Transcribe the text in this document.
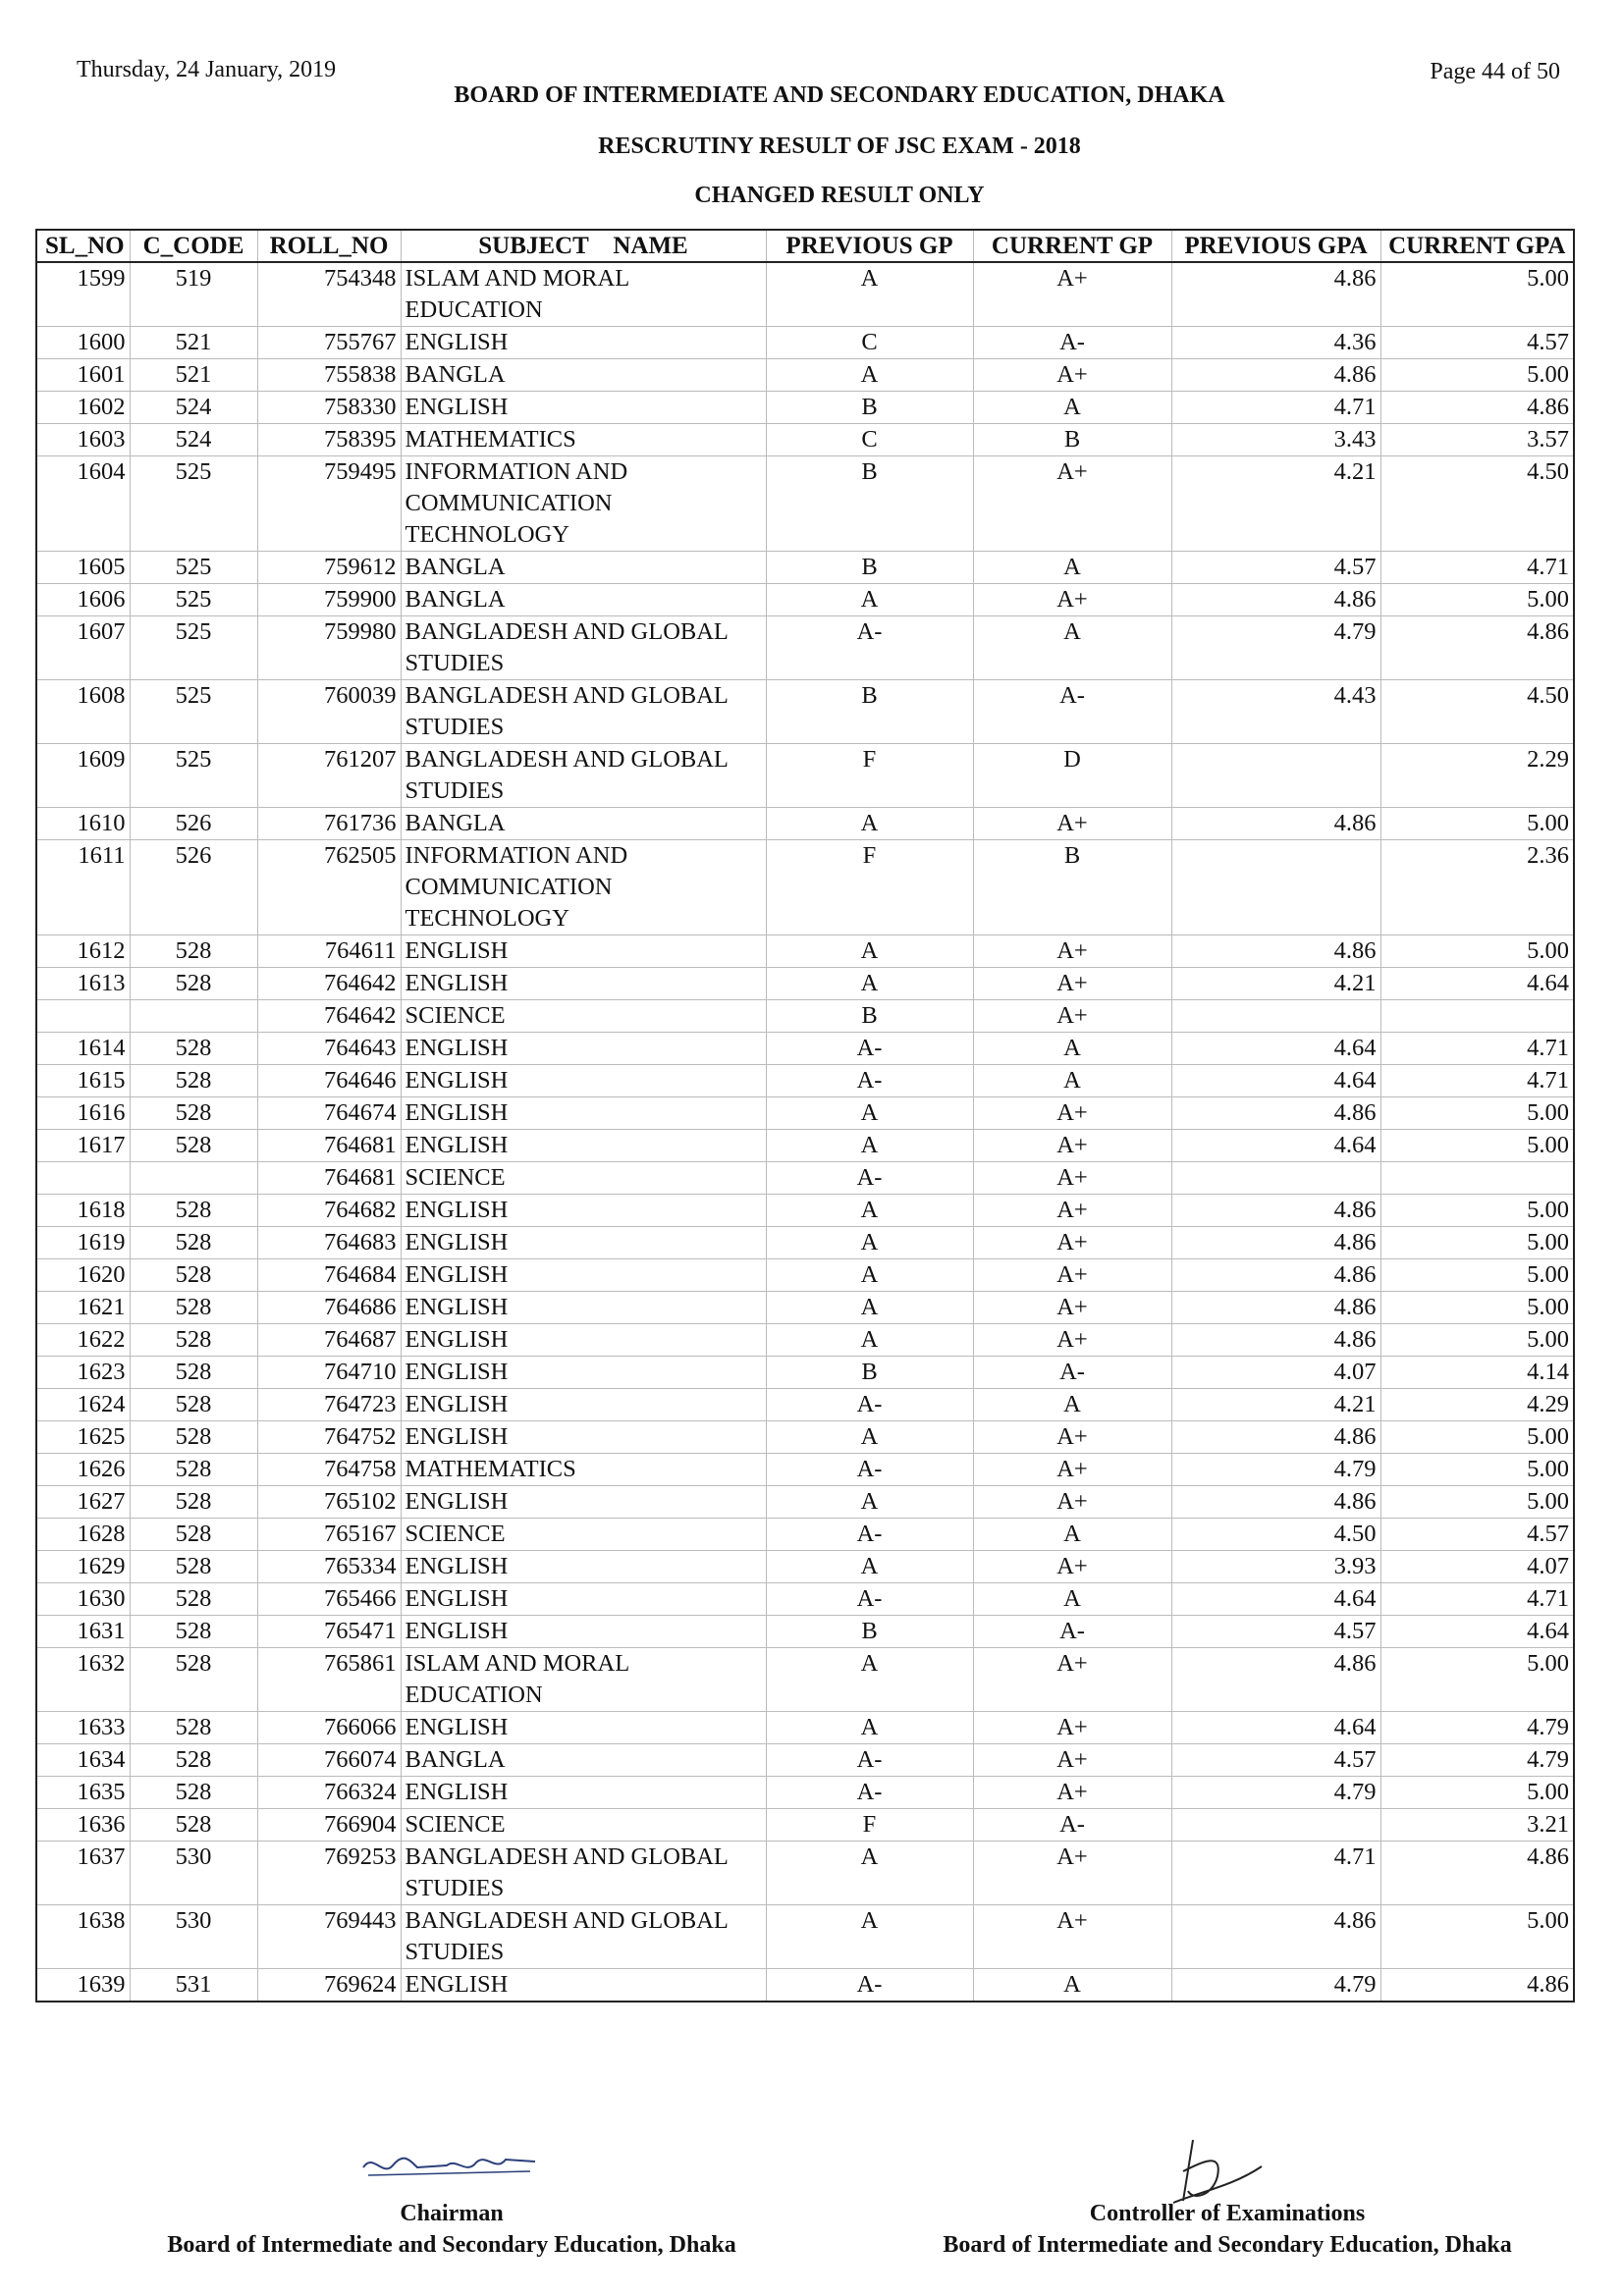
Thursday, 24 January, 2019	Page 44 of 50
BOARD OF INTERMEDIATE AND SECONDARY EDUCATION, DHAKA
RESCRUTINY RESULT OF JSC EXAM - 2018
CHANGED RESULT ONLY
SL_NO	C_CODE	ROLL_NO	SUBJECT    NAME	PREVIOUS GP	CURRENT GP	PREVIOUS GPA	CURRENT GPA
1599	519	754348	ISLAM AND MORAL EDUCATION	A	A+	4.86	5.00
1600	521	755767	ENGLISH	C	A-	4.36	4.57
1601	521	755838	BANGLA	A	A+	4.86	5.00
1602	524	758330	ENGLISH	B	A	4.71	4.86
1603	524	758395	MATHEMATICS	C	B	3.43	3.57
1604	525	759495	INFORMATION AND COMMUNICATION TECHNOLOGY	B	A+	4.21	4.50
1605	525	759612	BANGLA	B	A	4.57	4.71
1606	525	759900	BANGLA	A	A+	4.86	5.00
1607	525	759980	BANGLADESH AND GLOBAL STUDIES	A-	A	4.79	4.86
1608	525	760039	BANGLADESH AND GLOBAL STUDIES	B	A-	4.43	4.50
1609	525	761207	BANGLADESH AND GLOBAL STUDIES	F	D		2.29
1610	526	761736	BANGLA	A	A+	4.86	5.00
1611	526	762505	INFORMATION AND COMMUNICATION TECHNOLOGY	F	B		2.36
1612	528	764611	ENGLISH	A	A+	4.86	5.00
1613	528	764642	ENGLISH	A	A+	4.21	4.64
		764642	SCIENCE	B	A+		
1614	528	764643	ENGLISH	A-	A	4.64	4.71
1615	528	764646	ENGLISH	A-	A	4.64	4.71
1616	528	764674	ENGLISH	A	A+	4.86	5.00
1617	528	764681	ENGLISH	A	A+	4.64	5.00
		764681	SCIENCE	A-	A+		
1618	528	764682	ENGLISH	A	A+	4.86	5.00
1619	528	764683	ENGLISH	A	A+	4.86	5.00
1620	528	764684	ENGLISH	A	A+	4.86	5.00
1621	528	764686	ENGLISH	A	A+	4.86	5.00
1622	528	764687	ENGLISH	A	A+	4.86	5.00
1623	528	764710	ENGLISH	B	A-	4.07	4.14
1624	528	764723	ENGLISH	A-	A	4.21	4.29
1625	528	764752	ENGLISH	A	A+	4.86	5.00
1626	528	764758	MATHEMATICS	A-	A+	4.79	5.00
1627	528	765102	ENGLISH	A	A+	4.86	5.00
1628	528	765167	SCIENCE	A-	A	4.50	4.57
1629	528	765334	ENGLISH	A	A+	3.93	4.07
1630	528	765466	ENGLISH	A-	A	4.64	4.71
1631	528	765471	ENGLISH	B	A-	4.57	4.64
1632	528	765861	ISLAM AND MORAL EDUCATION	A	A+	4.86	5.00
1633	528	766066	ENGLISH	A	A+	4.64	4.79
1634	528	766074	BANGLA	A-	A+	4.57	4.79
1635	528	766324	ENGLISH	A-	A+	4.79	5.00
1636	528	766904	SCIENCE	F	A-		3.21
1637	530	769253	BANGLADESH AND GLOBAL STUDIES	A	A+	4.71	4.86
1638	530	769443	BANGLADESH AND GLOBAL STUDIES	A	A+	4.86	5.00
1639	531	769624	ENGLISH	A-	A	4.79	4.86
Chairman
Board of Intermediate and Secondary Education, Dhaka
Controller of Examinations
Board of Intermediate and Secondary Education, Dhaka
